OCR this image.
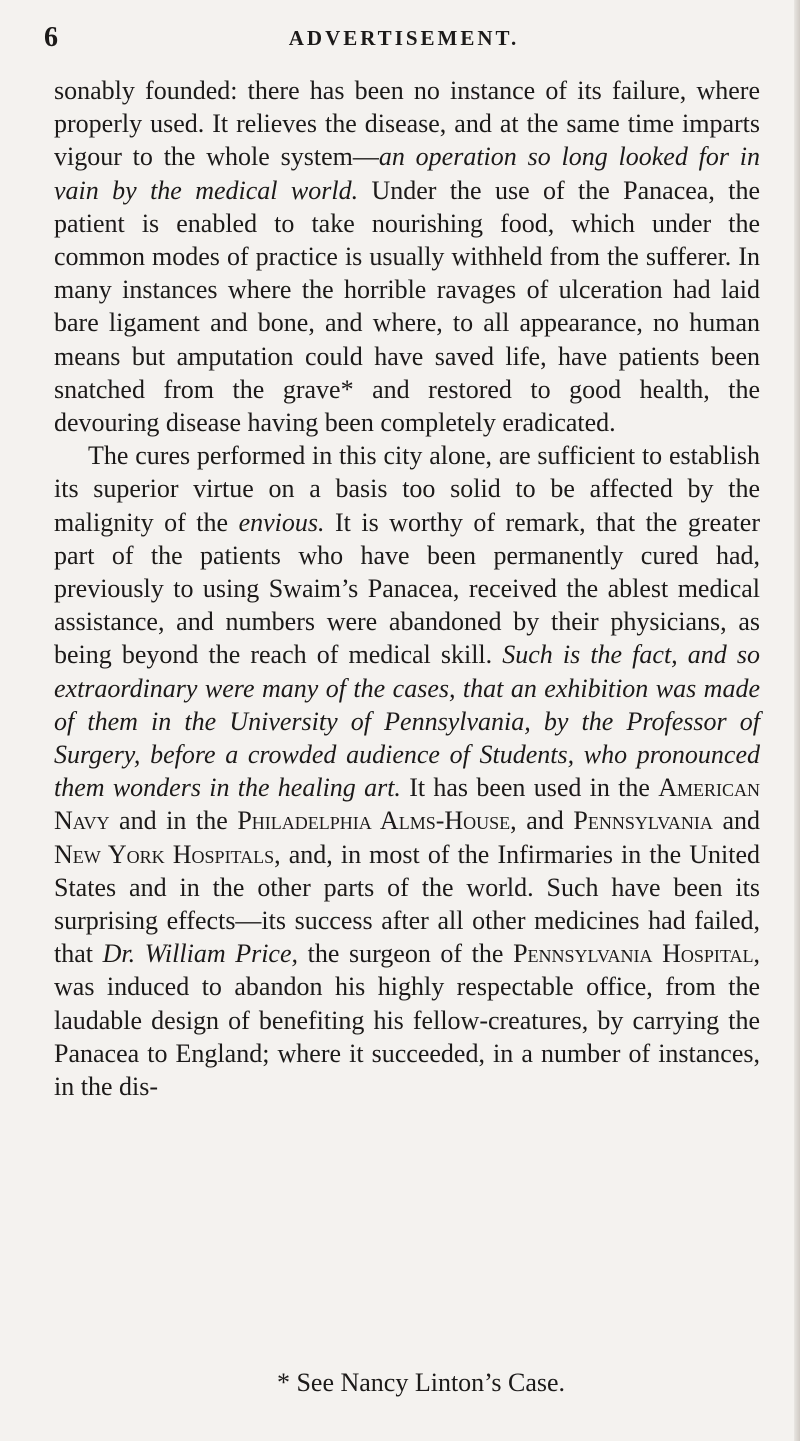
6	ADVERTISEMENT.

sonably founded: there has been no instance of its failure, where properly used. It relieves the disease, and at the same time imparts vigour to the whole system—an operation so long looked for in vain by the medical world. Under the use of the Panacea, the patient is enabled to take nourishing food, which under the common modes of practice is usually withheld from the sufferer. In many instances where the horrible ravages of ulceration had laid bare ligament and bone, and where, to all appearance, no human means but amputation could have saved life, have patients been snatched from the grave* and restored to good health, the devouring disease having been completely eradicated.

The cures performed in this city alone, are sufficient to establish its superior virtue on a basis too solid to be affected by the malignity of the envious. It is worthy of remark, that the greater part of the patients who have been permanently cured had, previously to using Swaim’s Panacea, received the ablest medical assistance, and numbers were abandoned by their physicians, as being beyond the reach of medical skill. Such is the fact, and so extraordinary were many of the cases, that an exhibition was made of them in the University of Pennsylvania, by the Professor of Surgery, before a crowded audience of Students, who pronounced them wonders in the healing art. It has been used in the American Navy and in the Philadelphia Alms-House, and Pennsylvania and New York Hospitals, and, in most of the Infirmaries in the United States and in the other parts of the world. Such have been its surprising effects—its success after all other medicines had failed, that Dr. William Price, the surgeon of the Pennsylvania Hospital, was induced to abandon his highly respectable office, from the laudable design of benefiting his fellow-creatures, by carrying the Panacea to England; where it succeeded, in a number of instances, in the dis-

* See Nancy Linton’s Case.
